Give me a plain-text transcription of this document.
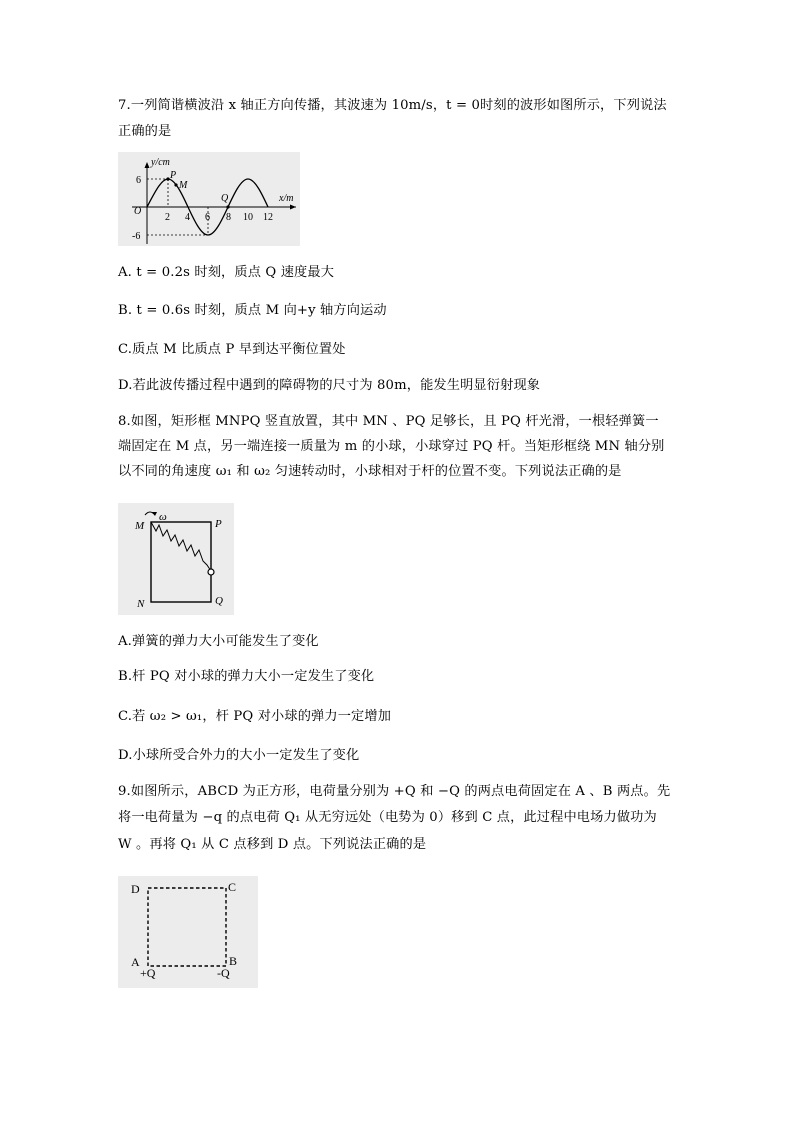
7.一列简谐横波沿 x 轴正方向传播，其波速为 10m/s，t = 0时刻的波形如图所示，下列说法
正确的是
y/cm
x/m
O
6
-6
2 4 6 8 10 12
P
M
Q
A. t = 0.2s 时刻，质点 Q 速度最大
B. t = 0.6s 时刻，质点 M 向+y 轴方向运动
C.质点 M 比质点 P 早到达平衡位置处
D.若此波传播过程中遇到的障碍物的尺寸为 80m，能发生明显衍射现象
8.如图，矩形框 MNPQ 竖直放置，其中 MN 、PQ 足够长，且 PQ 杆光滑，一根轻弹簧一
端固定在 M 点，另一端连接一质量为 m 的小球，小球穿过 PQ 杆。当矩形框绕 MN 轴分别
以不同的角速度 ω₁ 和 ω₂ 匀速转动时，小球相对于杆的位置不变。下列说法正确的是
M
ω
P
N	Q
A.弹簧的弹力大小可能发生了变化
B.杆 PQ 对小球的弹力大小一定发生了变化
C.若 ω₂ > ω₁，杆 PQ 对小球的弹力一定增加
D.小球所受合外力的大小一定发生了变化
9.如图所示，ABCD 为正方形，电荷量分别为 +Q 和 −Q 的两点电荷固定在 A 、B 两点。先
将一电荷量为 −q 的点电荷 Q₁ 从无穷远处（电势为 0）移到 C 点，此过程中电场力做功为
W 。再将 Q₁ 从 C 点移到 D 点。下列说法正确的是
D	C
A	B
+Q	-Q
